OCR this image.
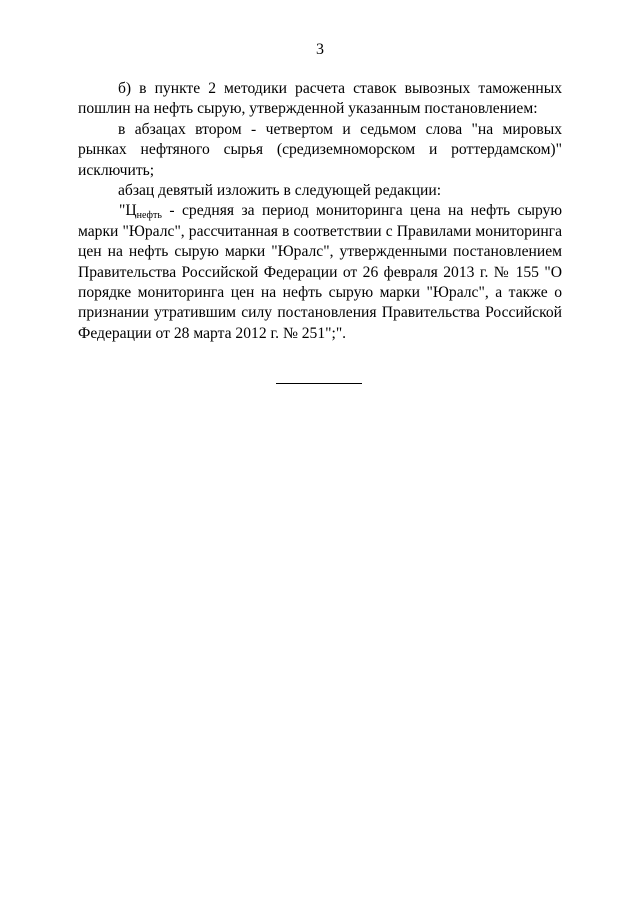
3

б) в пункте 2 методики расчета ставок вывозных таможенных пошлин на нефть сырую, утвержденной указанным постановлением:

в абзацах втором - четвертом и седьмом слова "на мировых рынках нефтяного сырья (средиземноморском и роттердамском)" исключить;

абзац девятый изложить в следующей редакции:

"$Ц_{нефть}$ - средняя за период мониторинга цена на нефть сырую марки "Юралс", рассчитанная в соответствии с Правилами мониторинга цен на нефть сырую марки "Юралс", утвержденными постановлением Правительства Российской Федерации от 26 февраля 2013 г. № 155 "О порядке мониторинга цен на нефть сырую марки "Юралс", а также о признании утратившим силу постановления Правительства Российской Федерации от 28 марта 2012 г. № 251";".
